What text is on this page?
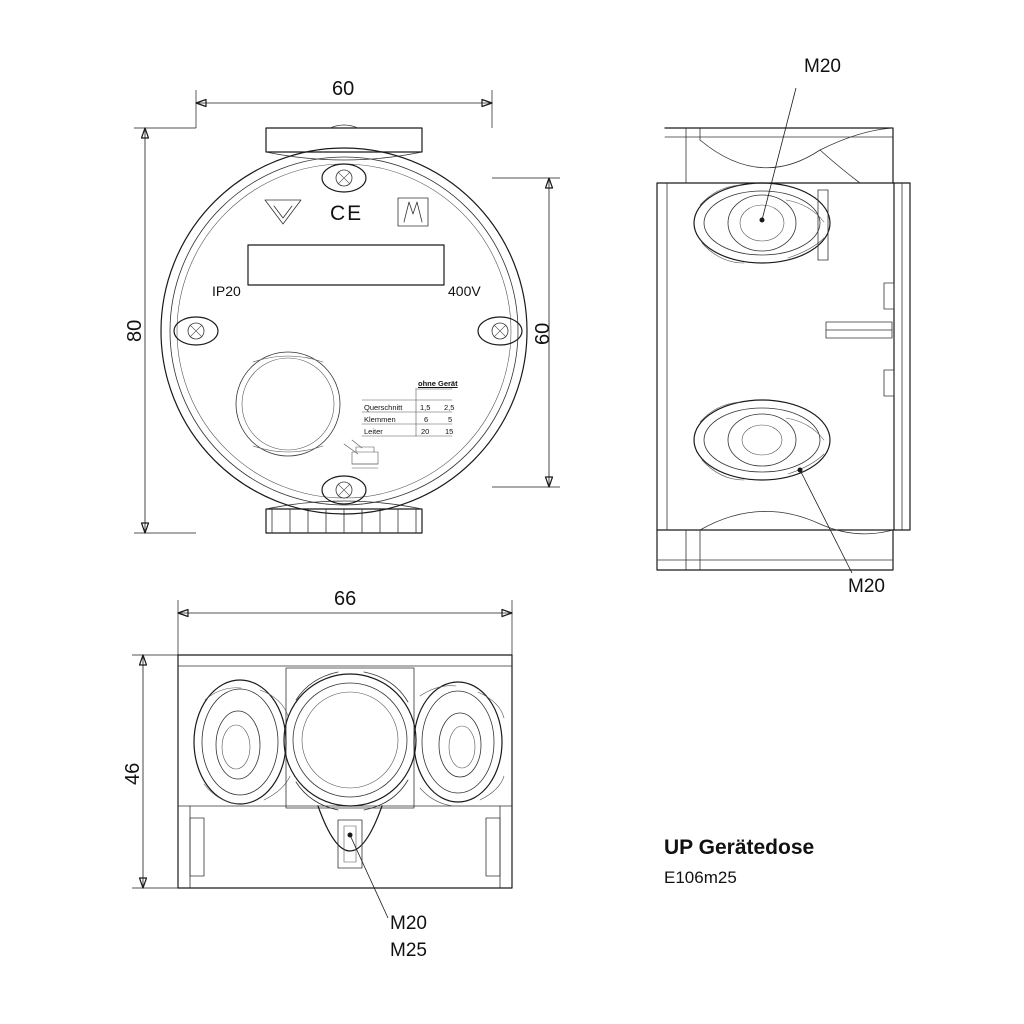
60
80	60
IP20	400V
CE
ohne Gerät
Querschnitt 1,5 2,5
Klemmen	6	5
Leiter	20 15
M20
M20
66
46
M20
M25
UP Gerätedose
E106m25
